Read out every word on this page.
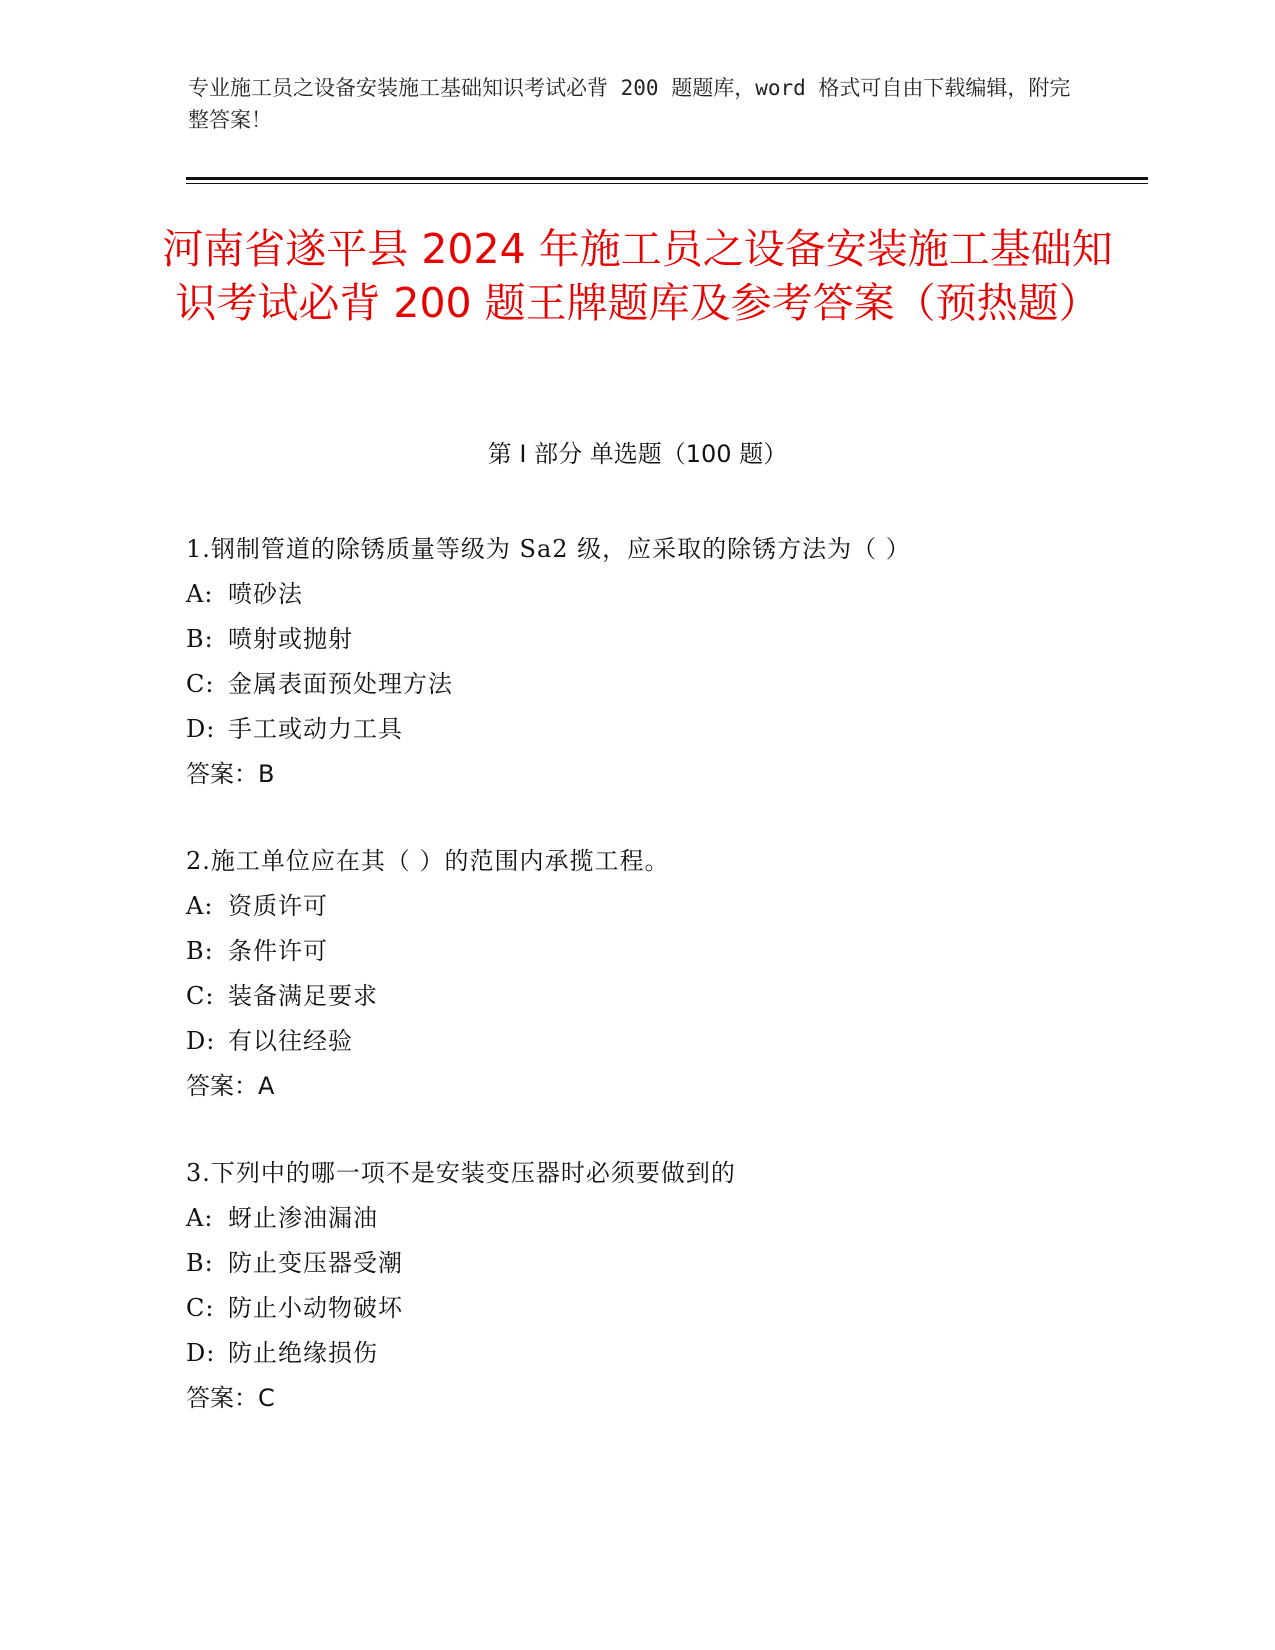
专业施工员之设备安装施工基础知识考试必背 200 题题库，word 格式可自由下载编辑，附完整答案！
河南省遂平县 2024 年施工员之设备安装施工基础知识考试必背 200 题王牌题库及参考答案（预热题）
第 I 部分 单选题（100 题）
1.钢制管道的除锈质量等级为 Sa2 级，应采取的除锈方法为（ ）
A: 喷砂法
B: 喷射或抛射
C: 金属表面预处理方法
D: 手工或动力工具
答案：B
2.施工单位应在其（ ）的范围内承揽工程。
A: 资质许可
B: 条件许可
C: 装备满足要求
D: 有以往经验
答案：A
3.下列中的哪一项不是安装变压器时必须要做到的
A: 蚜止渗油漏油
B: 防止变压器受潮
C: 防止小动物破坏
D: 防止绝缘损伤
答案：C
